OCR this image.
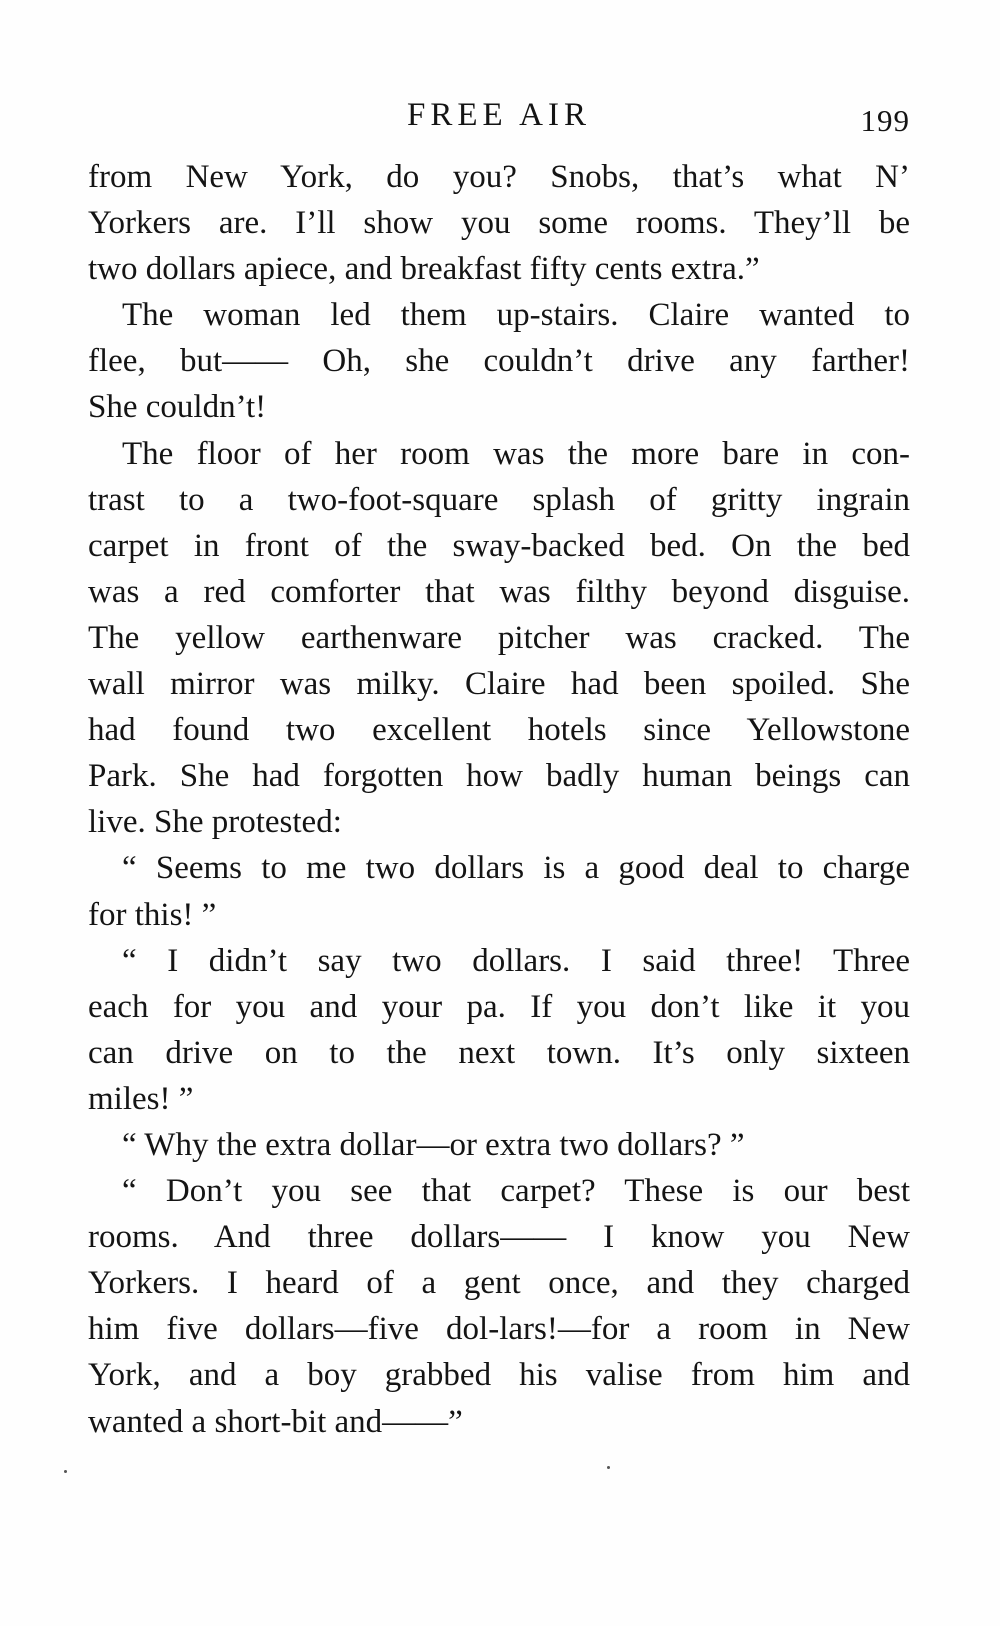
FREE AIR	199
from New York, do you? Snobs, that’s what N’
Yorkers are. I’ll show you some rooms. They’ll be
two dollars apiece, and breakfast fifty cents extra.”
The woman led them up-stairs. Claire wanted to
flee, but—— Oh, she couldn’t drive any farther!
She couldn’t!
The floor of her room was the more bare in con-
trast to a two-foot-square splash of gritty ingrain
carpet in front of the sway-backed bed. On the bed
was a red comforter that was filthy beyond disguise.
The yellow earthenware pitcher was cracked. The
wall mirror was milky. Claire had been spoiled. She
had found two excellent hotels since Yellowstone
Park. She had forgotten how badly human beings can
live. She protested:
“ Seems to me two dollars is a good deal to charge
for this! ”
“ I didn’t say two dollars. I said three! Three
each for you and your pa. If you don’t like it you
can drive on to the next town. It’s only sixteen
miles! ”
“ Why the extra dollar—or extra two dollars? ”
“ Don’t you see that carpet? These is our best
rooms. And three dollars—— I know you New
Yorkers. I heard of a gent once, and they charged
him five dollars—five dol-lars!—for a room in New
York, and a boy grabbed his valise from him and
wanted a short-bit and——”
